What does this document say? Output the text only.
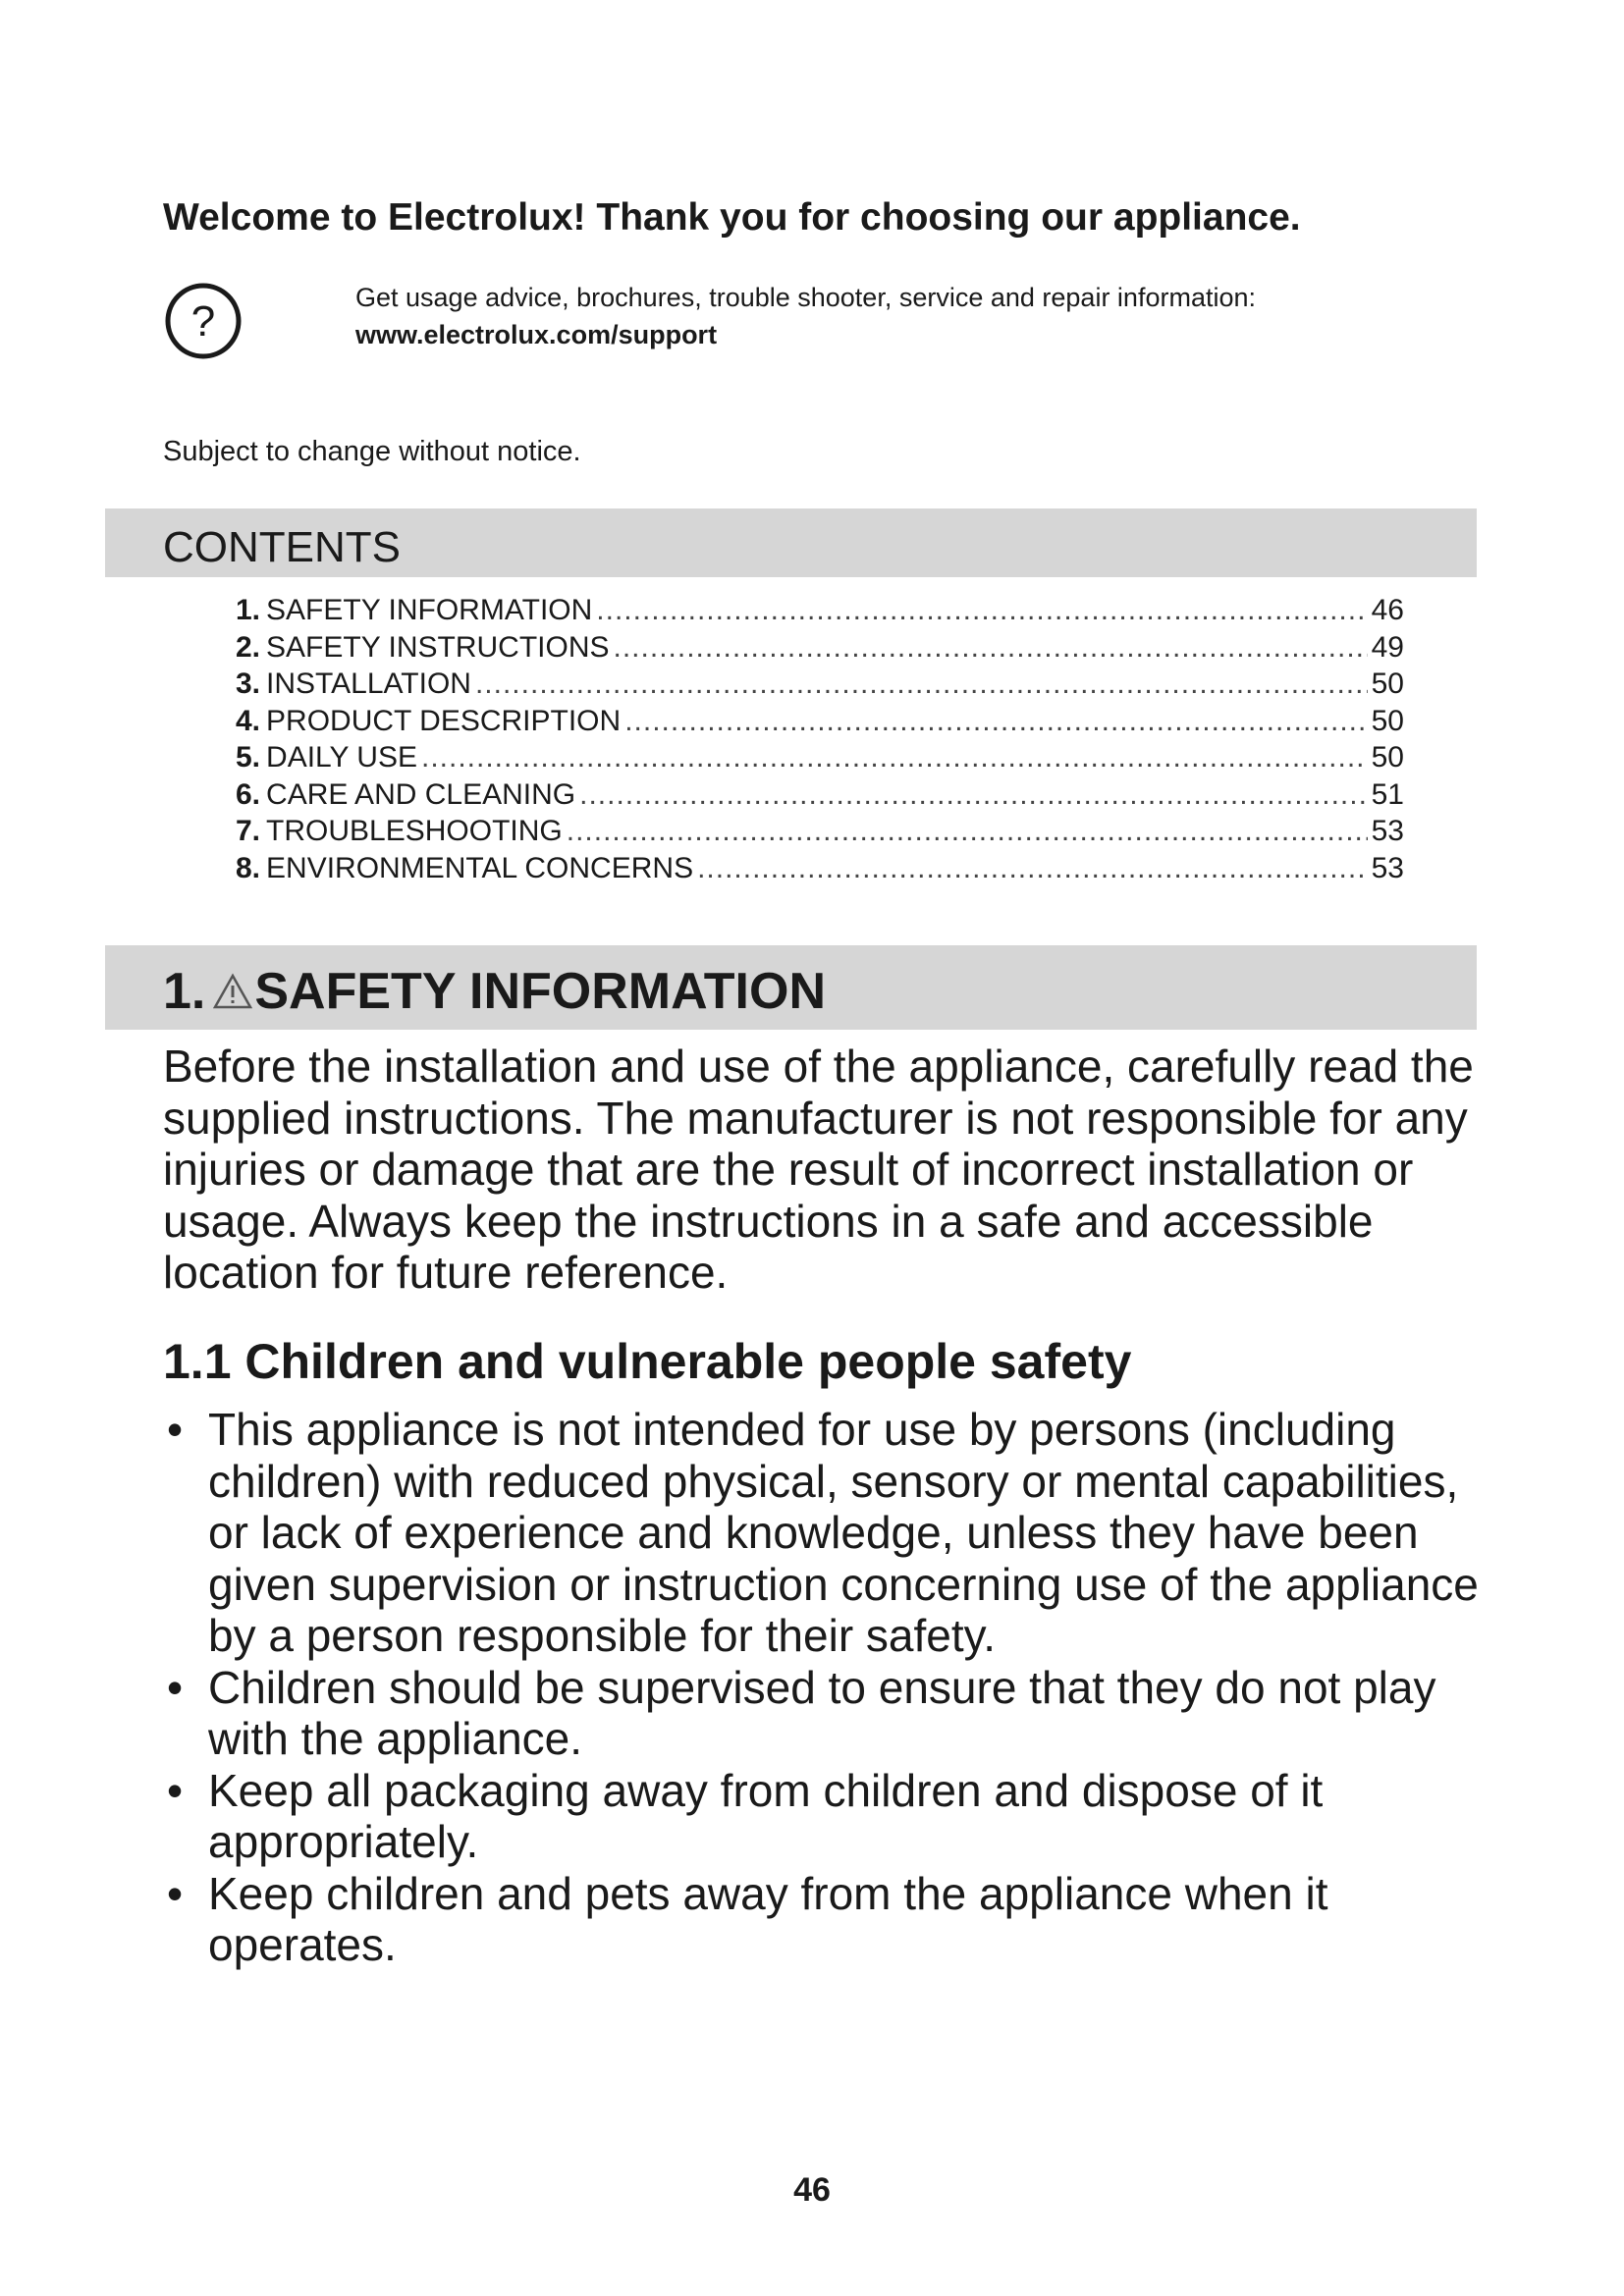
Welcome to Electrolux! Thank you for choosing our appliance.
?	Get usage advice, brochures, trouble shooter, service and repair information:
www.electrolux.com/support
Subject to change without notice.
CONTENTS
1. SAFETY INFORMATION .....	46
2. SAFETY INSTRUCTIONS .....	49
3. INSTALLATION .....	50
4. PRODUCT DESCRIPTION .....	50
5. DAILY USE .....	50
6. CARE AND CLEANING .....	51
7. TROUBLESHOOTING .....	53
8. ENVIRONMENTAL CONCERNS .....	53
1. SAFETY INFORMATION

Before the installation and use of the appliance, carefully read the supplied instructions. The manufacturer is not responsible for any injuries or damage that are the result of incorrect installation or usage. Always keep the instructions in a safe and accessible location for future reference.

1.1 Children and vulnerable people safety
• This appliance is not intended for use by persons (including children) with reduced physical, sensory or mental capabilities, or lack of experience and knowledge, unless they have been given supervision or instruction concerning use of the appliance by a person responsible for their safety.
• Children should be supervised to ensure that they do not play with the appliance.
• Keep all packaging away from children and dispose of it appropriately.
• Keep children and pets away from the appliance when it operates.
46
